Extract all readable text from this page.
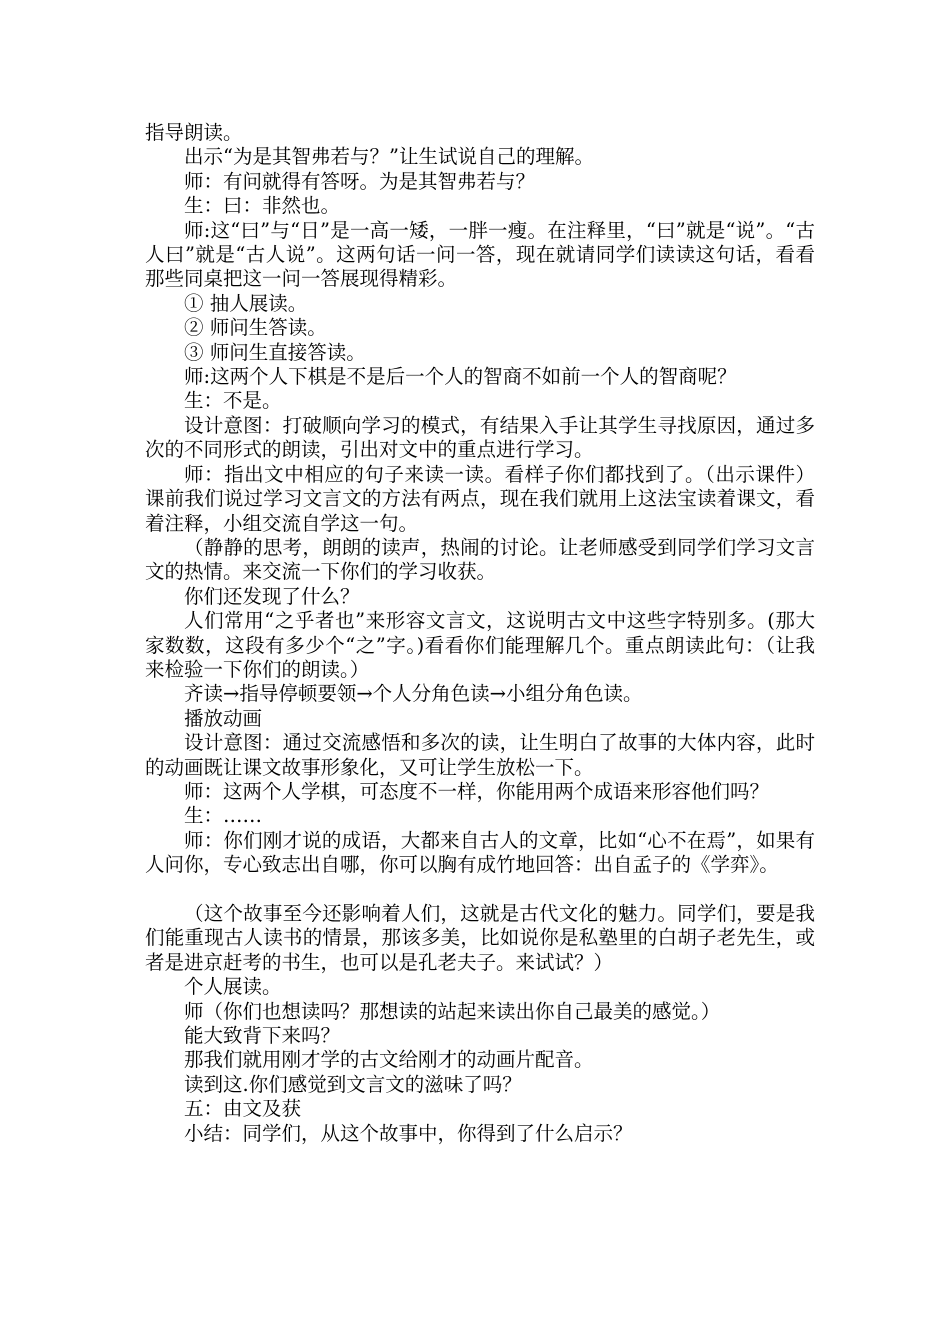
指导朗读。

出示“为是其智弗若与？”让生试说自己的理解。

师：有问就得有答呀。为是其智弗若与？

生：曰：非然也。

师:这“曰”与“日”是一高一矮，一胖一瘦。在注释里，“曰”就是“说”。“古人曰”就是“古人说”。这两句话一问一答，现在就请同学们读读这句话，看看那些同桌把这一问一答展现得精彩。

① 抽人展读。

② 师问生答读。

③ 师问生直接答读。

师:这两个人下棋是不是后一个人的智商不如前一个人的智商呢？

生：不是。

设计意图：打破顺向学习的模式，有结果入手让其学生寻找原因，通过多次的不同形式的朗读，引出对文中的重点进行学习。

师：指出文中相应的句子来读一读。看样子你们都找到了。（出示课件）课前我们说过学习文言文的方法有两点，现在我们就用上这法宝读着课文，看着注释，小组交流自学这一句。

（静静的思考，朗朗的读声，热闹的讨论。让老师感受到同学们学习文言文的热情。来交流一下你们的学习收获。

你们还发现了什么？

人们常用“之乎者也”来形容文言文，这说明古文中这些字特别多。(那大家数数，这段有多少个“之”字。)看看你们能理解几个。重点朗读此句：（让我来检验一下你们的朗读。）

齐读→指导停顿要领→个人分角色读→小组分角色读。

播放动画

设计意图：通过交流感悟和多次的读，让生明白了故事的大体内容，此时的动画既让课文故事形象化，又可让学生放松一下。

师：这两个人学棋，可态度不一样，你能用两个成语来形容他们吗？

生：……

师：你们刚才说的成语，大都来自古人的文章，比如“心不在焉”，如果有人问你，专心致志出自哪，你可以胸有成竹地回答：出自孟子的《学弈》。

（这个故事至今还影响着人们，这就是古代文化的魅力。同学们，要是我们能重现古人读书的情景，那该多美，比如说你是私塾里的白胡子老先生，或者是进京赶考的书生，也可以是孔老夫子。来试试？）

个人展读。

师（你们也想读吗？那想读的站起来读出你自己最美的感觉。）

能大致背下来吗？

那我们就用刚才学的古文给刚才的动画片配音。

读到这.你们感觉到文言文的滋味了吗？

五：由文及获

小结：同学们，从这个故事中，你得到了什么启示？
